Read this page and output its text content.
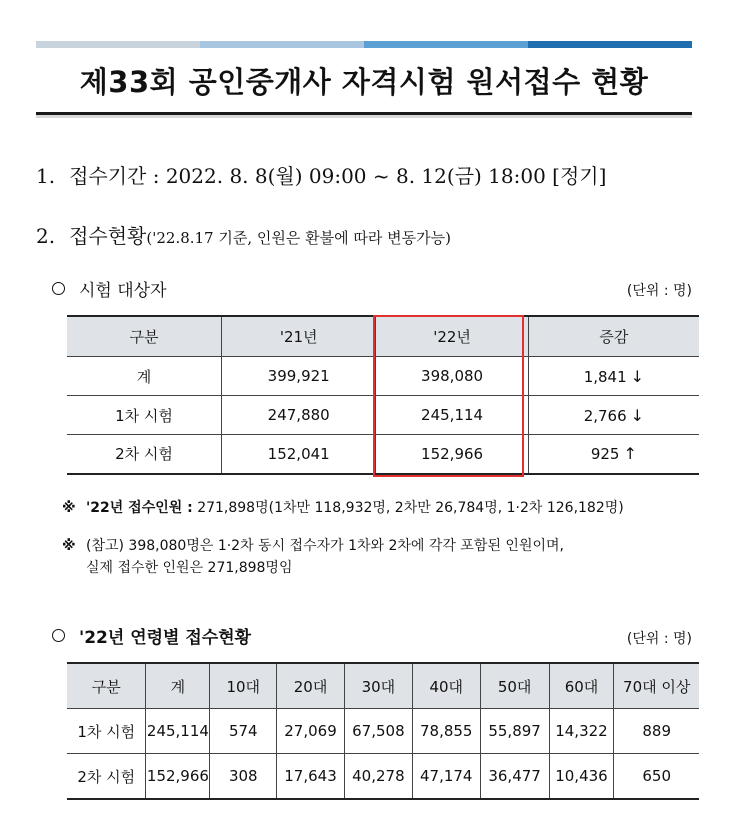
제33회 공인중개사 자격시험 원서접수 현황
1. 접수기간 : 2022. 8. 8(월) 09:00 ~ 8. 12(금) 18:00 [정기]
2. 접수현황('22.8.17 기준, 인원은 환불에 따라 변동가능)
시험 대상자	(단위 : 명)
구분	'21년	'22년	증감
계	399,921	398,080	1,841 ↓
1차 시험	247,880	245,114	2,766 ↓
2차 시험	152,041	152,966	925 ↑
※ '22년 접수인원 : 271,898명(1차만 118,932명, 2차만 26,784명, 1·2차 126,182명)
※ (참고) 398,080명은 1·2차 동시 접수자가 1차와 2차에 각각 포함된 인원이며,
실제 접수한 인원은 271,898명임
'22년 연령별 접수현황	(단위 : 명)
구분	계	10대	20대	30대	40대	50대	60대	70대 이상
1차 시험	245,114	574	27,069	67,508	78,855	55,897	14,322	889
2차 시험	152,966	308	17,643	40,278	47,174	36,477	10,436	650
